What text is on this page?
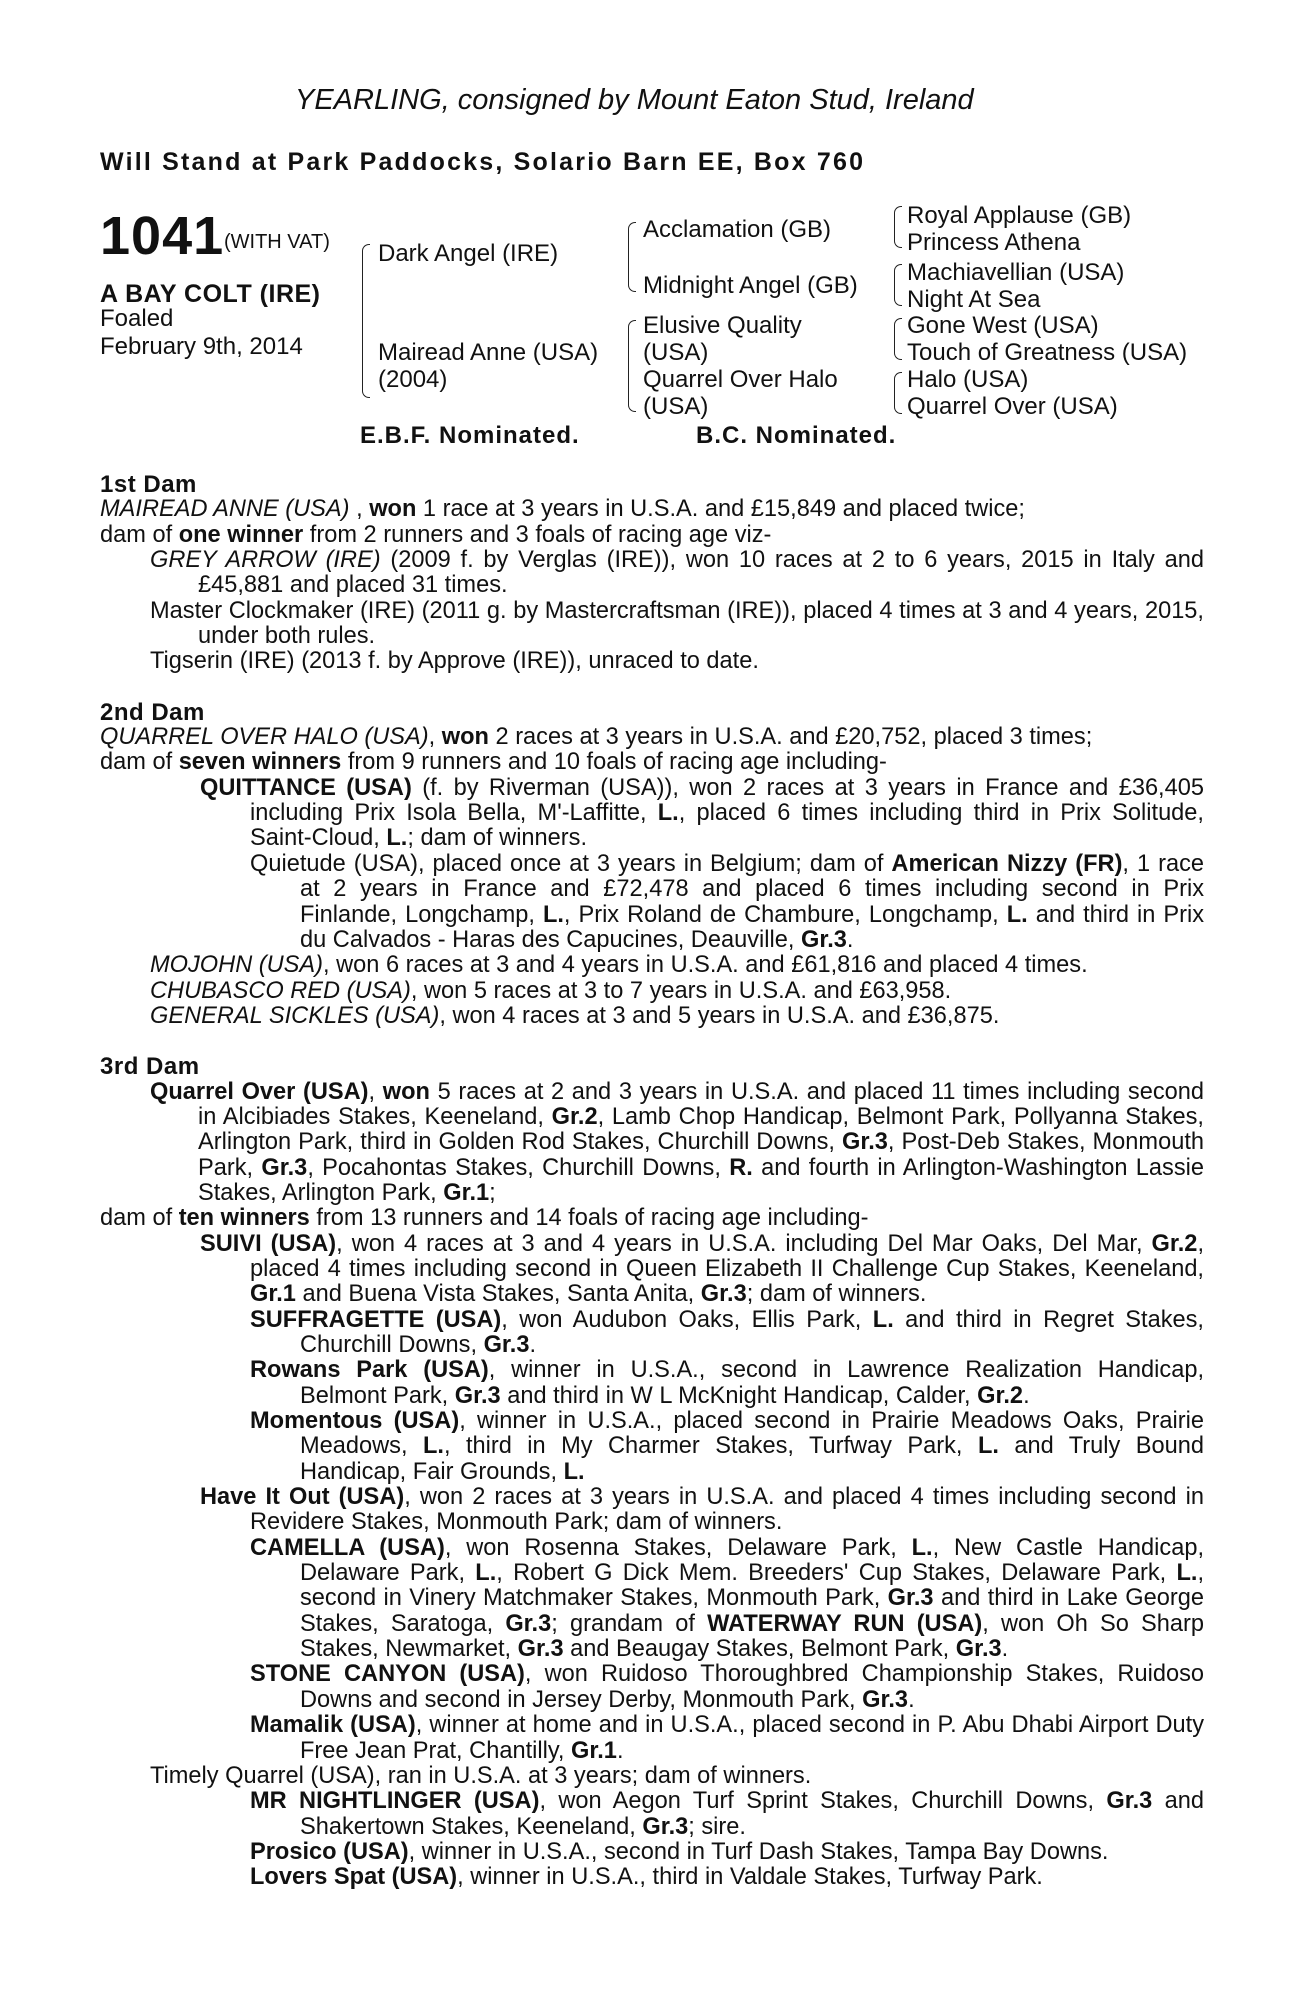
YEARLING, consigned by Mount Eaton Stud, Ireland
Will Stand at Park Paddocks, Solario Barn EE, Box 760
1041 (WITH VAT)
A BAY COLT (IRE)
Foaled
February 9th, 2014
Dark Angel (IRE)
Mairead Anne (USA)
(2004)
Acclamation (GB)
Midnight Angel (GB)
Elusive Quality
(USA)
Quarrel Over Halo
(USA)
Royal Applause (GB)
Princess Athena
Machiavellian (USA)
Night At Sea
Gone West (USA)
Touch of Greatness (USA)
Halo (USA)
Quarrel Over (USA)
E.B.F. Nominated.	B.C. Nominated.
1st Dam
MAIREAD ANNE (USA) , won 1 race at 3 years in U.S.A. and £15,849 and placed twice;
dam of one winner from 2 runners and 3 foals of racing age viz-
GREY ARROW (IRE) (2009 f. by Verglas (IRE)), won 10 races at 2 to 6 years, 2015 in Italy and £45,881 and placed 31 times.
Master Clockmaker (IRE) (2011 g. by Mastercraftsman (IRE)), placed 4 times at 3 and 4 years, 2015, under both rules.
Tigserin (IRE) (2013 f. by Approve (IRE)), unraced to date.
2nd Dam
QUARREL OVER HALO (USA), won 2 races at 3 years in U.S.A. and £20,752, placed 3 times;
dam of seven winners from 9 runners and 10 foals of racing age including-
QUITTANCE (USA) (f. by Riverman (USA)), won 2 races at 3 years in France and £36,405 including Prix Isola Bella, M'-Laffitte, L., placed 6 times including third in Prix Solitude, Saint-Cloud, L.; dam of winners.
Quietude (USA), placed once at 3 years in Belgium; dam of American Nizzy (FR), 1 race at 2 years in France and £72,478 and placed 6 times including second in Prix Finlande, Longchamp, L., Prix Roland de Chambure, Longchamp, L. and third in Prix du Calvados - Haras des Capucines, Deauville, Gr.3.
MOJOHN (USA), won 6 races at 3 and 4 years in U.S.A. and £61,816 and placed 4 times.
CHUBASCO RED (USA), won 5 races at 3 to 7 years in U.S.A. and £63,958.
GENERAL SICKLES (USA), won 4 races at 3 and 5 years in U.S.A. and £36,875.
3rd Dam
Quarrel Over (USA), won 5 races at 2 and 3 years in U.S.A. and placed 11 times including second in Alcibiades Stakes, Keeneland, Gr.2, Lamb Chop Handicap, Belmont Park, Pollyanna Stakes, Arlington Park, third in Golden Rod Stakes, Churchill Downs, Gr.3, Post-Deb Stakes, Monmouth Park, Gr.3, Pocahontas Stakes, Churchill Downs, R. and fourth in Arlington-Washington Lassie Stakes, Arlington Park, Gr.1;
dam of ten winners from 13 runners and 14 foals of racing age including-
SUIVI (USA), won 4 races at 3 and 4 years in U.S.A. including Del Mar Oaks, Del Mar, Gr.2, placed 4 times including second in Queen Elizabeth II Challenge Cup Stakes, Keeneland, Gr.1 and Buena Vista Stakes, Santa Anita, Gr.3; dam of winners.
SUFFRAGETTE (USA), won Audubon Oaks, Ellis Park, L. and third in Regret Stakes, Churchill Downs, Gr.3.
Rowans Park (USA), winner in U.S.A., second in Lawrence Realization Handicap, Belmont Park, Gr.3 and third in W L McKnight Handicap, Calder, Gr.2.
Momentous (USA), winner in U.S.A., placed second in Prairie Meadows Oaks, Prairie Meadows, L., third in My Charmer Stakes, Turfway Park, L. and Truly Bound Handicap, Fair Grounds, L.
Have It Out (USA), won 2 races at 3 years in U.S.A. and placed 4 times including second in Revidere Stakes, Monmouth Park; dam of winners.
CAMELLA (USA), won Rosenna Stakes, Delaware Park, L., New Castle Handicap, Delaware Park, L., Robert G Dick Mem. Breeders' Cup Stakes, Delaware Park, L., second in Vinery Matchmaker Stakes, Monmouth Park, Gr.3 and third in Lake George Stakes, Saratoga, Gr.3; grandam of WATERWAY RUN (USA), won Oh So Sharp Stakes, Newmarket, Gr.3 and Beaugay Stakes, Belmont Park, Gr.3.
STONE CANYON (USA), won Ruidoso Thoroughbred Championship Stakes, Ruidoso Downs and second in Jersey Derby, Monmouth Park, Gr.3.
Mamalik (USA), winner at home and in U.S.A., placed second in P. Abu Dhabi Airport Duty Free Jean Prat, Chantilly, Gr.1.
Timely Quarrel (USA), ran in U.S.A. at 3 years; dam of winners.
MR NIGHTLINGER (USA), won Aegon Turf Sprint Stakes, Churchill Downs, Gr.3 and Shakertown Stakes, Keeneland, Gr.3; sire.
Prosico (USA), winner in U.S.A., second in Turf Dash Stakes, Tampa Bay Downs.
Lovers Spat (USA), winner in U.S.A., third in Valdale Stakes, Turfway Park.
